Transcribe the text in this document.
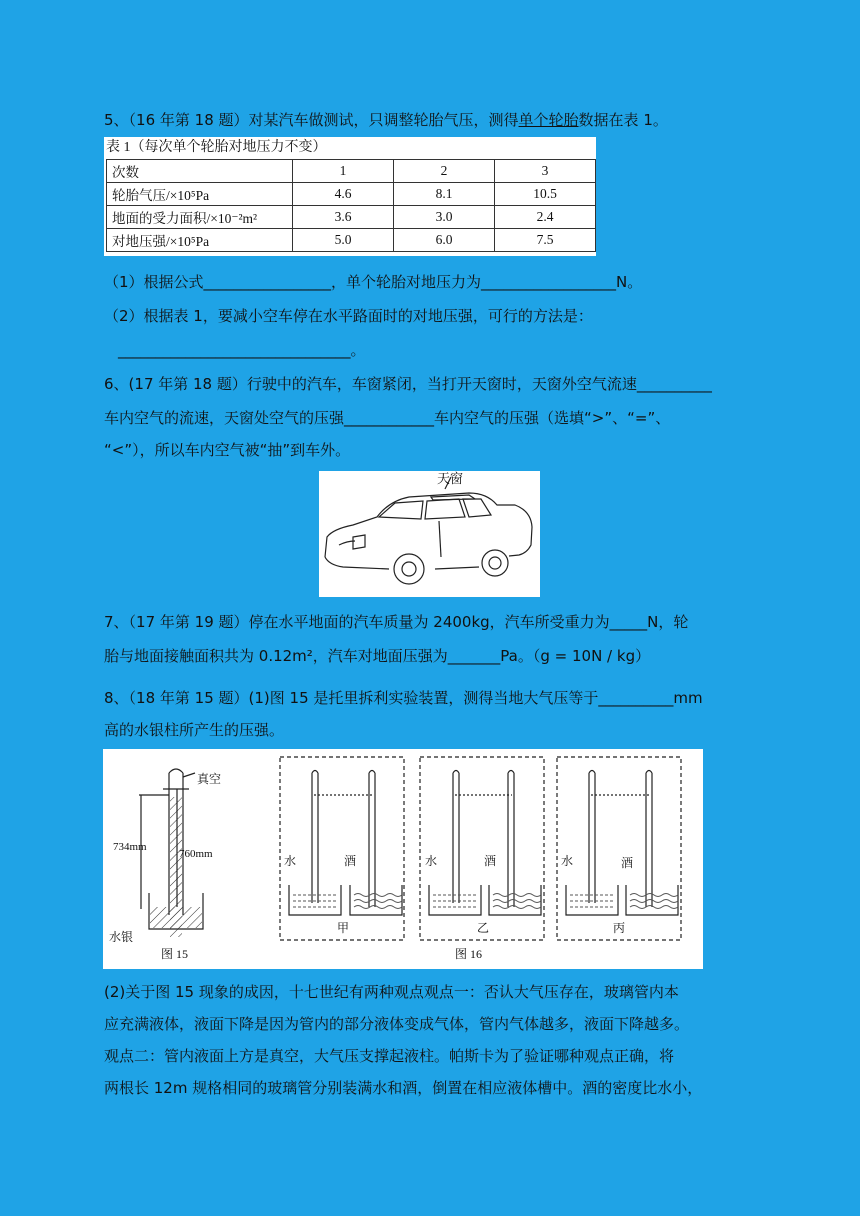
5、（16 年第 18 题）对某汽车做测试，只调整轮胎气压，测得单个轮胎数据在表 1。
表 1（每次单个轮胎对地压力不变）
次数	1	2	3
轮胎气压/×10⁵Pa	4.6	8.1	10.5
地面的受力面积/×10⁻²m²	3.6	3.0	2.4
对地压强/×10⁵Pa	5.0	6.0	7.5
（1）根据公式_________________，单个轮胎对地压力为__________________N。
（2）根据表 1，要减小空车停在水平路面时的对地压强，可行的方法是：
_______________________________。
6、(17 年第 18 题）行驶中的汽车，车窗紧闭，当打开天窗时，天窗外空气流速__________
车内空气的流速，天窗处空气的压强____________车内空气的压强（选填“>”、“=”、
“<”），所以车内空气被“抽”到车外。
天窗
7、（17 年第 19 题）停在水平地面的汽车质量为 2400kg，汽车所受重力为_____N，轮
胎与地面接触面积共为 0.12m²，汽车对地面压强为_______Pa。（g = 10N / kg）
8、（18 年第 15 题）(1)图 15 是托里拆利实验装置，测得当地大气压等于__________mm
高的水银柱所产生的压强。
真空
734mm
760mm
水银
图 15
水	酒	水	酒	水	酒
甲	乙	丙
图 16
(2)关于图 15 现象的成因，十七世纪有两种观点观点一：否认大气压存在，玻璃管内本
应充满液体，液面下降是因为管内的部分液体变成气体，管内气体越多，液面下降越多。
观点二：管内液面上方是真空，大气压支撑起液柱。帕斯卡为了验证哪种观点正确，将
两根长 12m 规格相同的玻璃管分别装满水和酒，倒置在相应液体槽中。酒的密度比水小，
